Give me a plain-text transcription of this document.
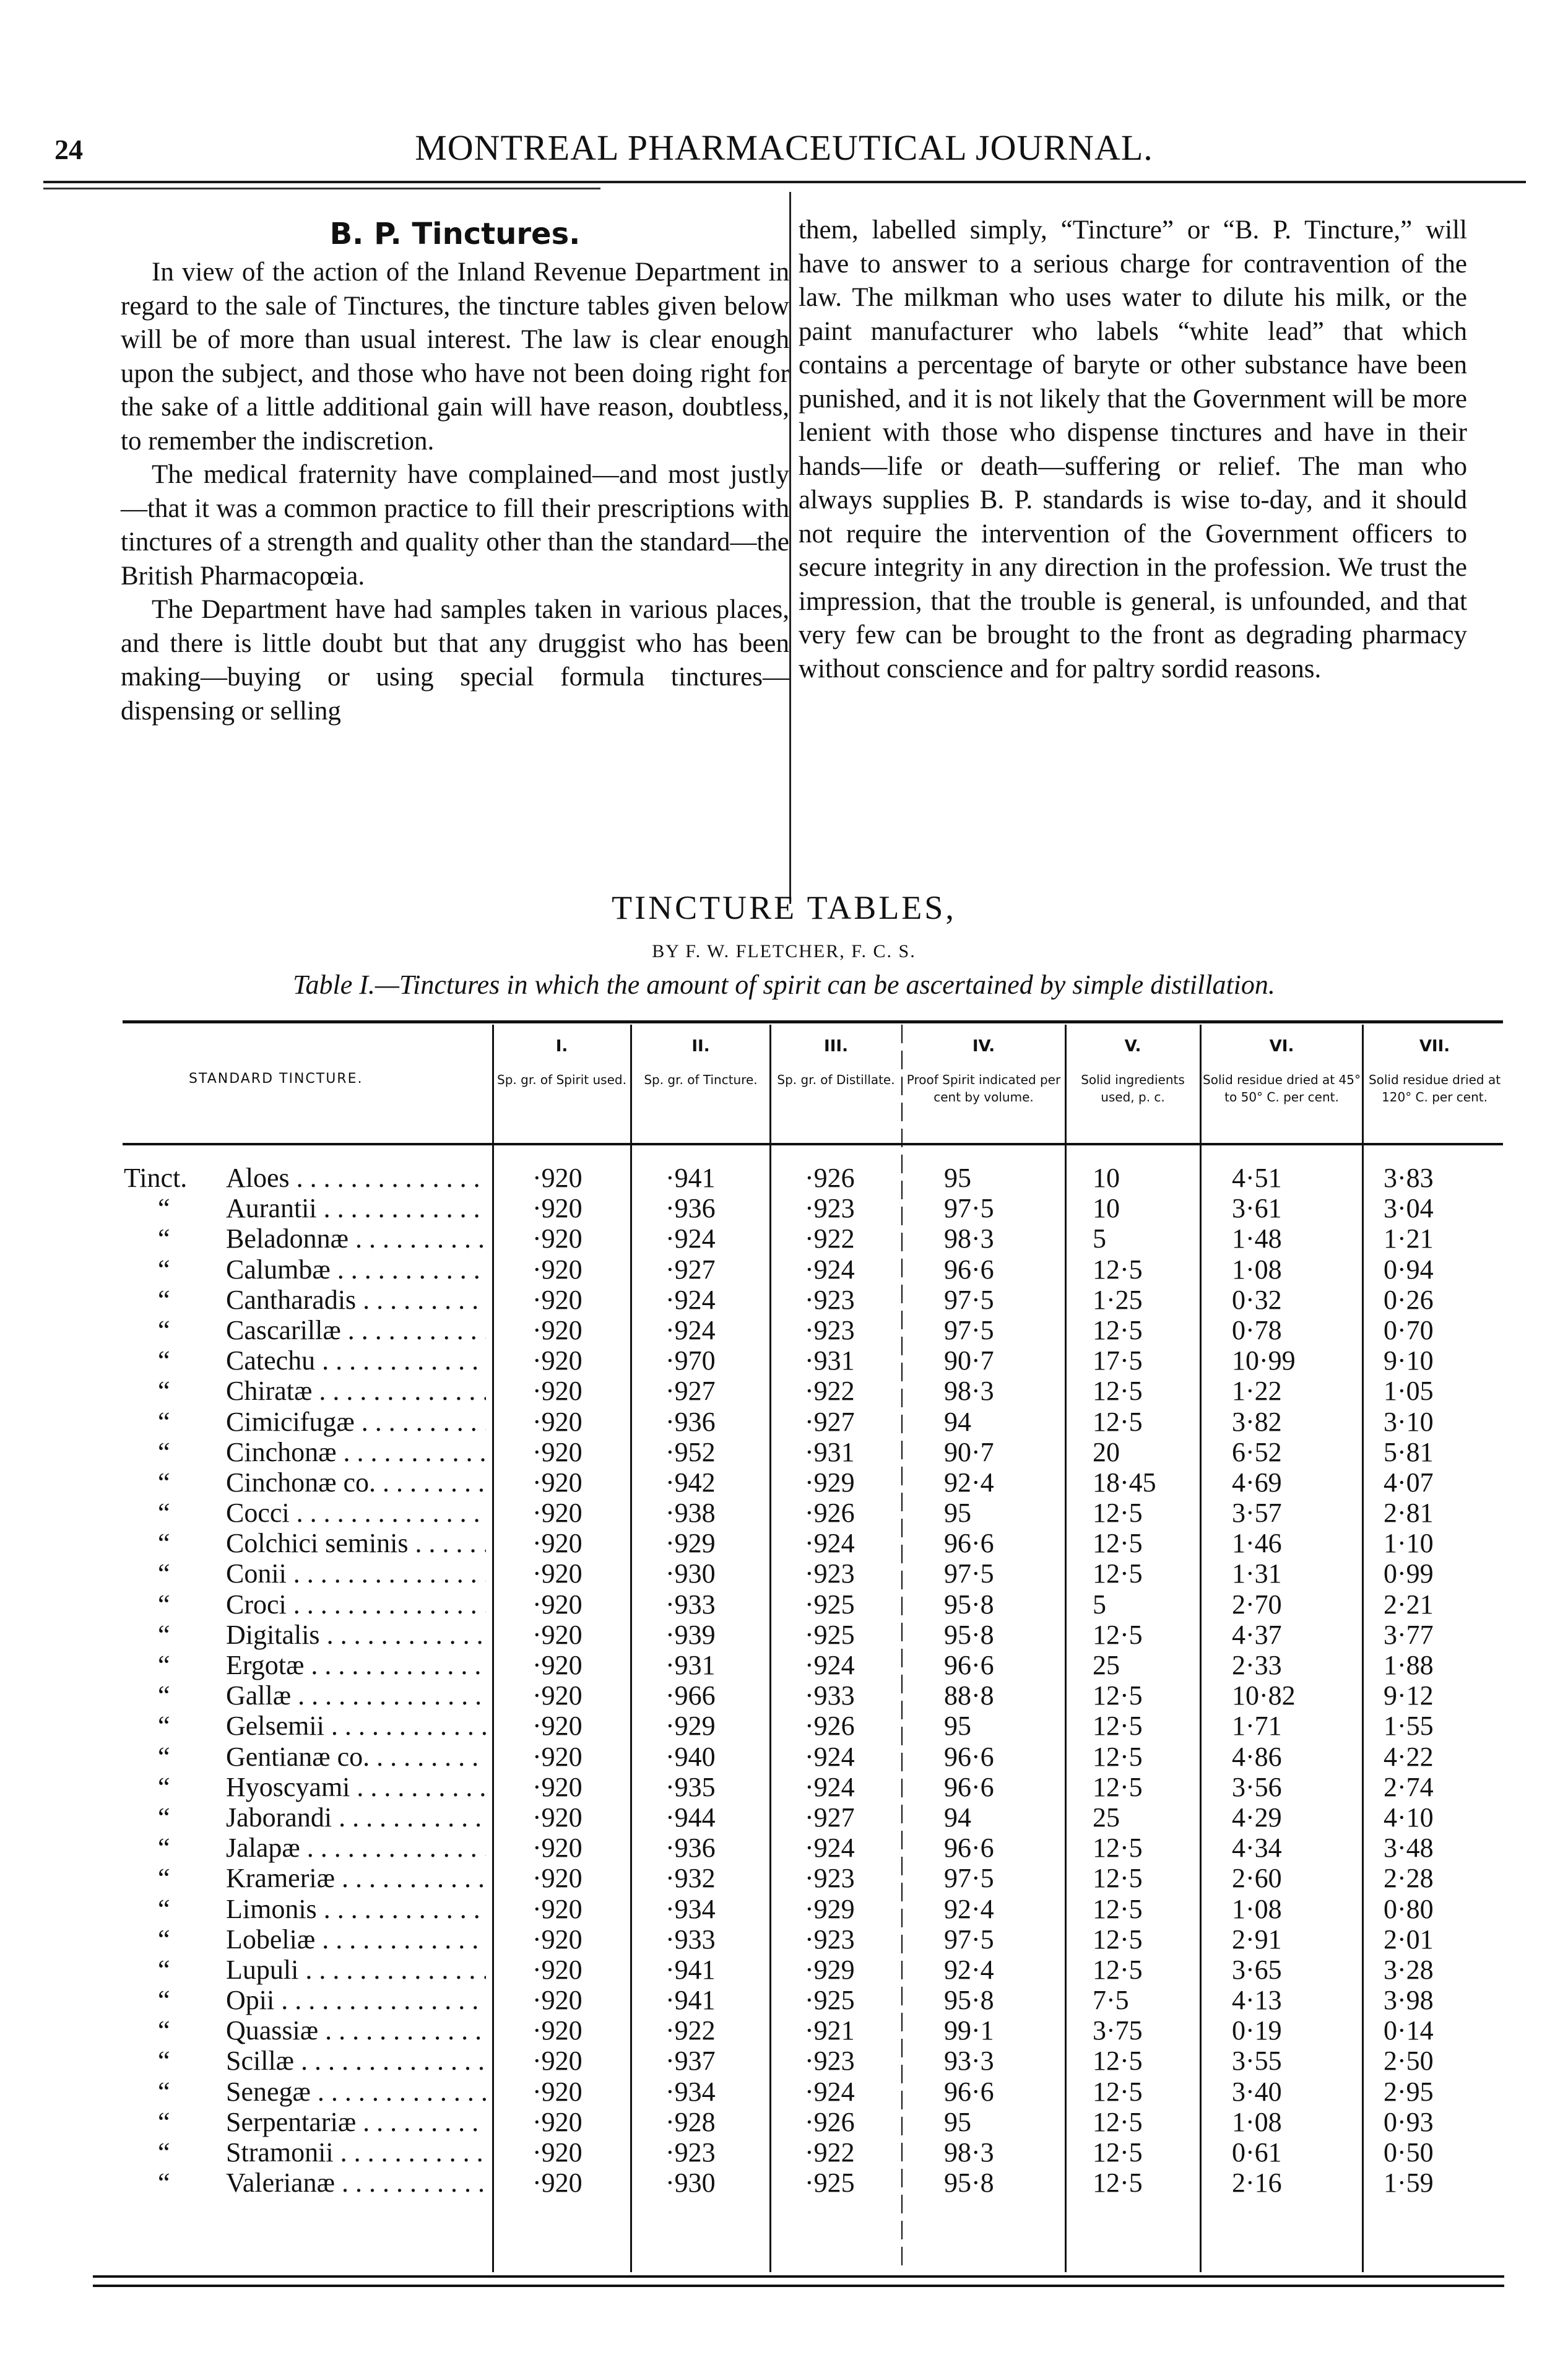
24	MONTREAL PHARMACEUTICAL JOURNAL.
B. P. Tinctures.

In view of the action of the Inland Revenue Department in regard to the sale of Tinctures, the tincture tables given below will be of more than usual interest. The law is clear enough upon the subject, and those who have not been doing right for the sake of a little additional gain will have reason, doubtless, to remember the indiscretion.

The medical fraternity have complained—and most justly—that it was a common practice to fill their prescriptions with tinctures of a strength and quality other than the standard—the British Pharmacopœia.

The Department have had samples taken in various places, and there is little doubt but that any druggist who has been making—buying or using special formula tinctures—dispensing or selling

them, labelled simply, “Tincture” or “B. P. Tincture,” will have to answer to a serious charge for contravention of the law. The milkman who uses water to dilute his milk, or the paint manufacturer who labels “white lead” that which contains a percentage of baryte or other substance have been punished, and it is not likely that the Government will be more lenient with those who dispense tinctures and have in their hands—life or death—suffering or relief. The man who always supplies B. P. standards is wise to-day, and it should not require the intervention of the Government officers to secure integrity in any direction in the profession. We trust the impression, that the trouble is general, is unfounded, and that very few can be brought to the front as degrading pharmacy without conscience and for paltry sordid reasons.

TINCTURE TABLES,
BY F. W. FLETCHER, F. C. S.
Table I.—Tinctures in which the amount of spirit can be ascertained by simple distillation.
STANDARD TINCTURE.
I.
Sp. gr. of Spirit used.
II.
Sp. gr. of Tincture.
III.
Sp. gr. of Distillate.
IV.
Proof Spirit indicated per cent by volume.
V.
Solid ingredients used, p. c.
VI.
Solid residue dried at 45° to 50° C. per cent.
VII.
Solid residue dried at 120° C. per cent.
Tinct.	Aloes . . .	·920	·941	·926	95	10	4·51	3·83
“	Aurantii . . .	·920	·936	·923	97·5	10	3·61	3·04
“	Beladonnæ . . .	·920	·924	·922	98·3	5	1·48	1·21
“	Calumbæ . . .	·920	·927	·924	96·6	12·5	1·08	0·94
“	Cantharadis . . .	·920	·924	·923	97·5	1·25	0·32	0·26
“	Cascarillæ . . .	·920	·924	·923	97·5	12·5	0·78	0·70
“	Catechu . . .	·920	·970	·931	90·7	17·5	10·99	9·10
“	Chiratæ . . .	·920	·927	·922	98·3	12·5	1·22	1·05
“	Cimicifugæ . . .	·920	·936	·927	94	12·5	3·82	3·10
“	Cinchonæ . . .	·920	·952	·931	90·7	20	6·52	5·81
“	Cinchonæ co. . . .	·920	·942	·929	92·4	18·45	4·69	4·07
“	Cocci . . .	·920	·938	·926	95	12·5	3·57	2·81
“	Colchici seminis . . .	·920	·929	·924	96·6	12·5	1·46	1·10
“	Conii . . .	·920	·930	·923	97·5	12·5	1·31	0·99
“	Croci . . .	·920	·933	·925	95·8	5	2·70	2·21
“	Digitalis . . .	·920	·939	·925	95·8	12·5	4·37	3·77
“	Ergotæ . . .	·920	·931	·924	96·6	25	2·33	1·88
“	Gallæ . . .	·920	·966	·933	88·8	12·5	10·82	9·12
“	Gelsemii . . .	·920	·929	·926	95	12·5	1·71	1·55
“	Gentianæ co. . . .	·920	·940	·924	96·6	12·5	4·86	4·22
“	Hyoscyami . . .	·920	·935	·924	96·6	12·5	3·56	2·74
“	Jaborandi . . .	·920	·944	·927	94	25	4·29	4·10
“	Jalapæ . . .	·920	·936	·924	96·6	12·5	4·34	3·48
“	Krameriæ . . .	·920	·932	·923	97·5	12·5	2·60	2·28
“	Limonis . . .	·920	·934	·929	92·4	12·5	1·08	0·80
“	Lobeliæ . . .	·920	·933	·923	97·5	12·5	2·91	2·01
“	Lupuli . . .	·920	·941	·929	92·4	12·5	3·65	3·28
“	Opii . . .	·920	·941	·925	95·8	7·5	4·13	3·98
“	Quassiæ . . .	·920	·922	·921	99·1	3·75	0·19	0·14
“	Scillæ . . .	·920	·937	·923	93·3	12·5	3·55	2·50
“	Senegæ . . .	·920	·934	·924	96·6	12·5	3·40	2·95
“	Serpentariæ . . .	·920	·928	·926	95	12·5	1·08	0·93
“	Stramonii . . .	·920	·923	·922	98·3	12·5	0·61	0·50
“	Valerianæ . . .	·920	·930	·925	95·8	12·5	2·16	1·59
